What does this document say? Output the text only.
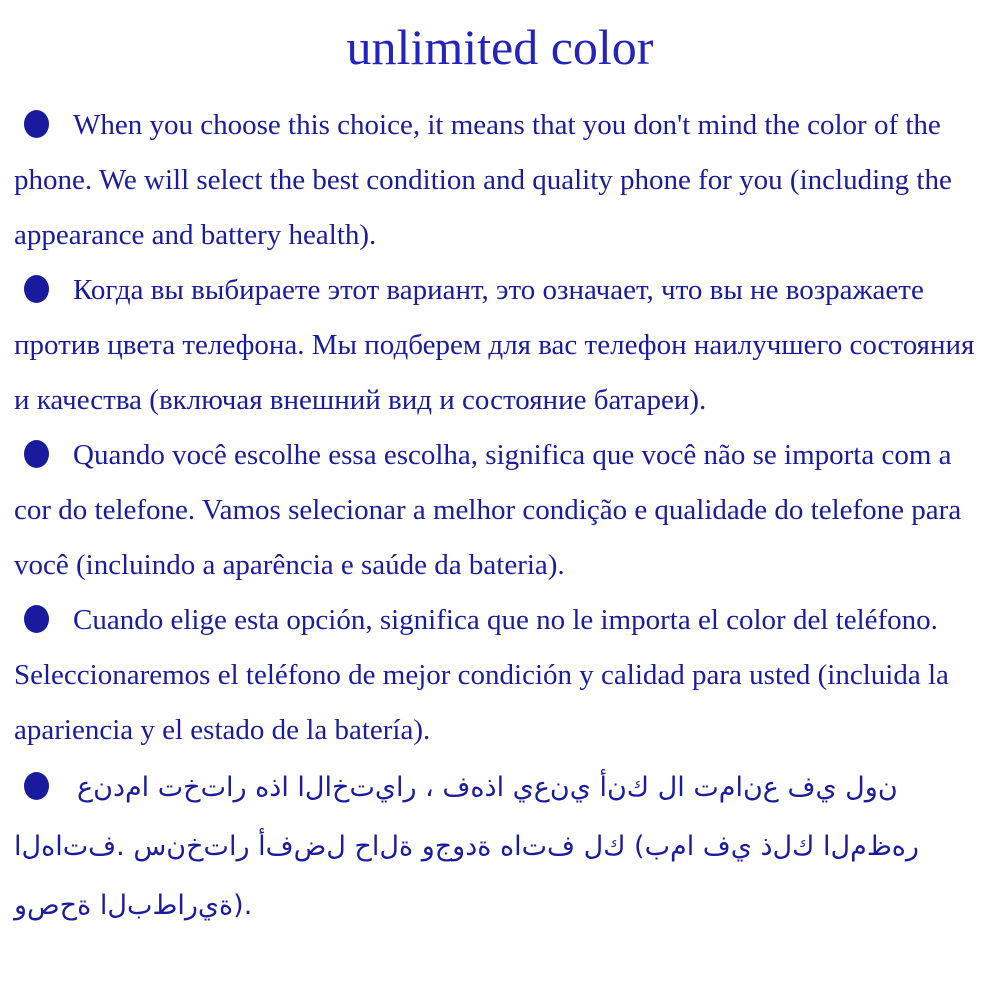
unlimited color

When you choose this choice, it means that you don't mind the color of the phone. We will select the best condition and quality phone for you (including the appearance and battery health).

Когда вы выбираете этот вариант, это означает, что вы не возражаете против цвета телефона. Мы подберем для вас телефон наилучшего состояния и качества (включая внешний вид и состояние батареи).

Quando você escolhe essa escolha, significa que você não se importa com a cor do telefone. Vamos selecionar a melhor condição e qualidade do telefone para você (incluindo a aparência e saúde da bateria).

Cuando elige esta opción, significa que no le importa el color del teléfono. Seleccionaremos el teléfono de mejor condición y calidad para usted (incluida la apariencia y el estado de la batería).

ع‌ن‌د‌م‌ا‌ ‌ت‌خ‌ت‌ا‌ر‌ ‌ه‌ذ‌ا‌ ‌ا‌ل‌ا‌خ‌ت‌ي‌ا‌ر‌ ‌،‌ ‌ف‌ه‌ذ‌ا‌ ‌ي‌ع‌ن‌ي‌ ‌أ‌ن‌ك‌ ‌ل‌ا‌ ‌ت‌م‌ا‌ن‌ع‌ ‌ف‌ي‌ ‌ل‌و‌ن‌ ‌ا‌ل‌ه‌ا‌ت‌ف‌.‌ ‌س‌ن‌خ‌ت‌ا‌ر‌ ‌أ‌ف‌ض‌ل‌ ‌ح‌ا‌ل‌ة‌ ‌و‌ج‌و‌د‌ة‌ ‌ه‌ا‌ت‌ف‌ ‌ل‌ك‌ ‌(‌ب‌م‌ا‌ ‌ف‌ي‌ ‌ذ‌ل‌ك‌ ‌ا‌ل‌م‌ظ‌ه‌ر‌ ‌و‌ص‌ح‌ة‌ ‌ا‌ل‌ب‌ط‌ا‌ر‌ي‌ة‌)‌.
